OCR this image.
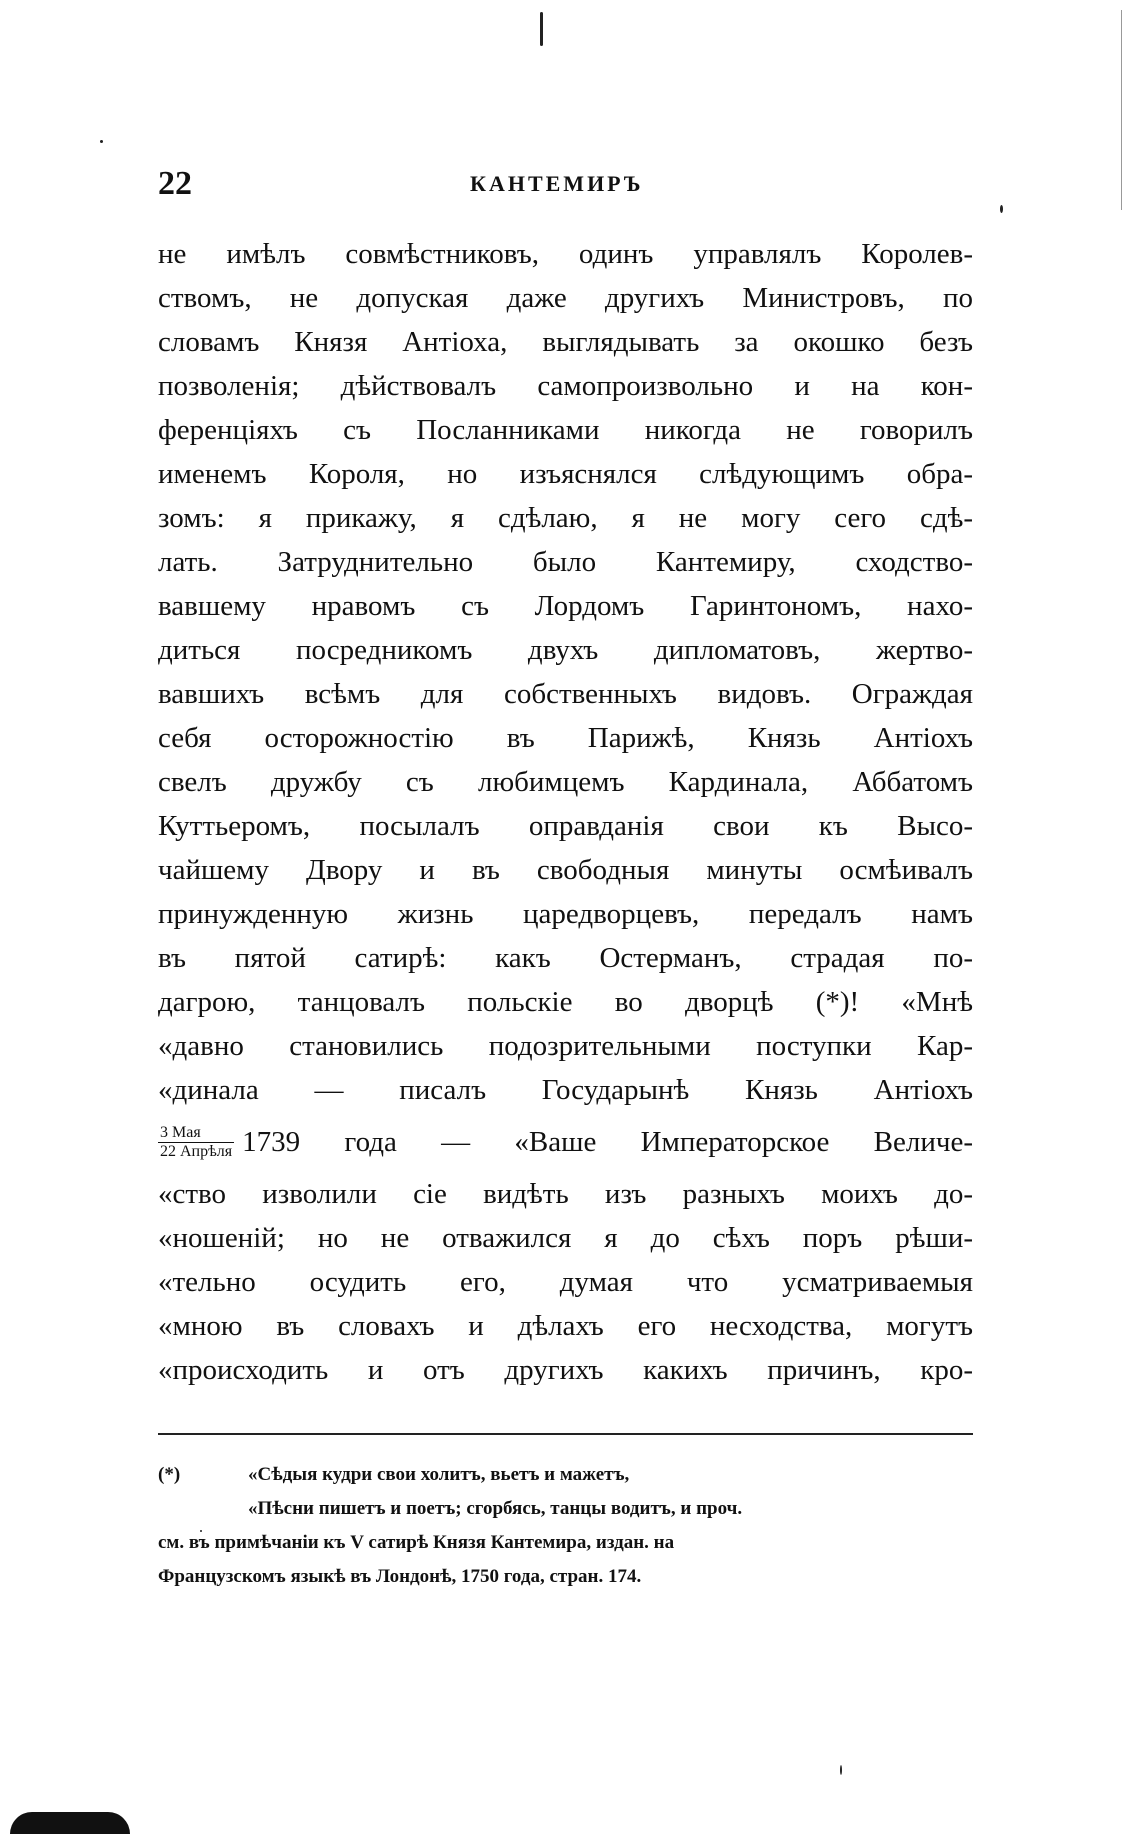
22	КАНТЕМИРЪ
не имѣлъ совмѣстниковъ, одинъ управлялъ Королев-
ствомъ, не допуская даже другихъ Министровъ, по
словамъ Князя Антіоха, выглядывать за окошко безъ
позволенія; дѣйствовалъ самопроизвольно и на кон-
ференціяхъ съ Посланниками никогда не говорилъ
именемъ Короля, но изъяснялся слѣдующимъ обра-
зомъ: я прикажу, я сдѣлаю, я не могу сего сдѣ-
лать. Затруднительно было Кантемиру, сходство-
вавшему нравомъ съ Лордомъ Гаринтономъ, нахо-
диться посредникомъ двухъ дипломатовъ, жертво-
вавшихъ всѣмъ для собственныхъ видовъ. Ограждая
себя осторожностію въ Парижѣ, Князь Антіохъ
свелъ дружбу съ любимцемъ Кардинала, Аббатомъ
Куттьеромъ, посылалъ оправданія свои къ Высо-
чайшему Двору и въ свободныя минуты осмѣивалъ
принужденную жизнь царедворцевъ, передалъ намъ
въ пятой сатирѣ: какъ Остерманъ, страдая по-
дагрою, танцовалъ польскіе во дворцѣ (*)! «Мнѣ
«давно становились подозрительными поступки Кар-
«динала — писалъ Государынѣ Князь Антіохъ
$\frac{\text{3 Мая}}{\text{22 Апрѣля}} 1739$ года — «Ваше Императорское Величе-
«ство изволили сіе видѣть изъ разныхъ моихъ до-
«ношеній; но не отважился я до сѣхъ поръ рѣши-
«тельно осудить его, думая что усматриваемыя
«мною въ словахъ и дѣлахъ его несходства, могутъ
«происходить и отъ другихъ какихъ причинъ, кро-
(*)	«Сѣдыя кудри свои холитъ, вьетъ и мажетъ,
«Пѣсни пишетъ и поетъ; сгорбясь, танцы водитъ, и проч.
см. въ примѣчаніи къ V сатирѣ Князя Кантемира, издан. на
Французскомъ языкѣ въ Лондонѣ, 1750 года, стран. 174.
